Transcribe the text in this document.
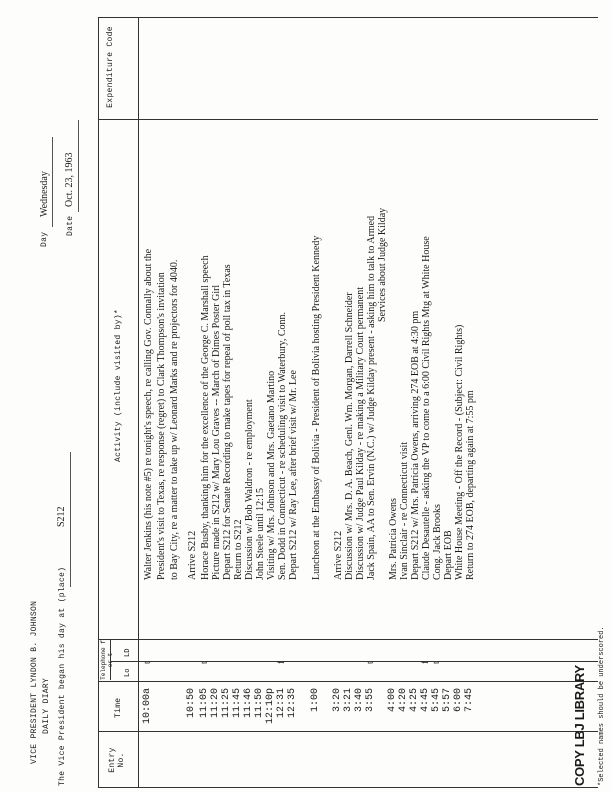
VICE PRESIDENT LYNDON B. JOHNSON DAILY DIARY The Vice President began his day at (place)
S212
Day
Wednesday
Date
Oct. 23, 1963
Entry No.
Time
Telephone f or t
Lo
LD
Activity (include visited by)*
Expenditure Code
10:00a
t
Walter Jenkins (his note #5) re tonight's speech, re calling Gov. Connally about the President's visit to Texas, re response (regret) to Clark Thompson's invitation to Bay City, re a matter to take up w/ Leonard Marks and re projectors for 4040.
10:50
Arrive S212
11:05
t
Horace Busby, thanking him for the excellence of the George C. Marshall speech
11:20
Picture made in S212 w/ Mary Lou Graves -- March of Dimes Poster Girl
11:25
Depart S212 for Senate Recording to make tapes for repeal of poll tax in Texas
11:45
Return to S212
11:46
Discussion w/ Bob Waldron - re employment
11:50
John Steele until 12:15
12:10p
Visiting w/ Mrs. Johnson and Mrs. Gaetano Martino
12:31
f
Sen. Dodd in Connecticut - re scheduling visit to Waterbury, Conn.
12:35
Depart S212 w/ Ray Lee, after brief visit w/ Mr. Lee
1:00
Luncheon at the Embassy of Bolivia - President of Bolivia hosting President Kennedy
3:20
Arrive S212
3:21
Discussion w/ Mrs. D. A. Beach, Genl. Wm. Morgan, Darrell Schneider
3:40
Discussion w/ Judge Paul Kilday - re making a Military Court permanent
3:55
t
Jack Spain, AA to Sen. Ervin (N.C.) w/ Judge Kilday present - asking him to talk to Armed Services about Judge Kilday
4:00
Mrs. Patricia Owens
4:20
Ivan Sinclair - re Connecticut visit
4:25
Depart S212 w/ Mrs. Patricia Owens, arriving 274 EOB at 4:30 pm
4:45
f
Claude Desautelle - asking the VP to come to a 6:00 Civil Rights Mtg at White House
5:45
t
Cong. Jack Brooks
5:57
Depart EOB
6:00
White House Meeting - Off the Record - (Subject: Civil Rights)
7:45
Return to 274 EOB, departing again at 7:55 pm
COPY LBJ LIBRARY *Selected names should be underscored.
